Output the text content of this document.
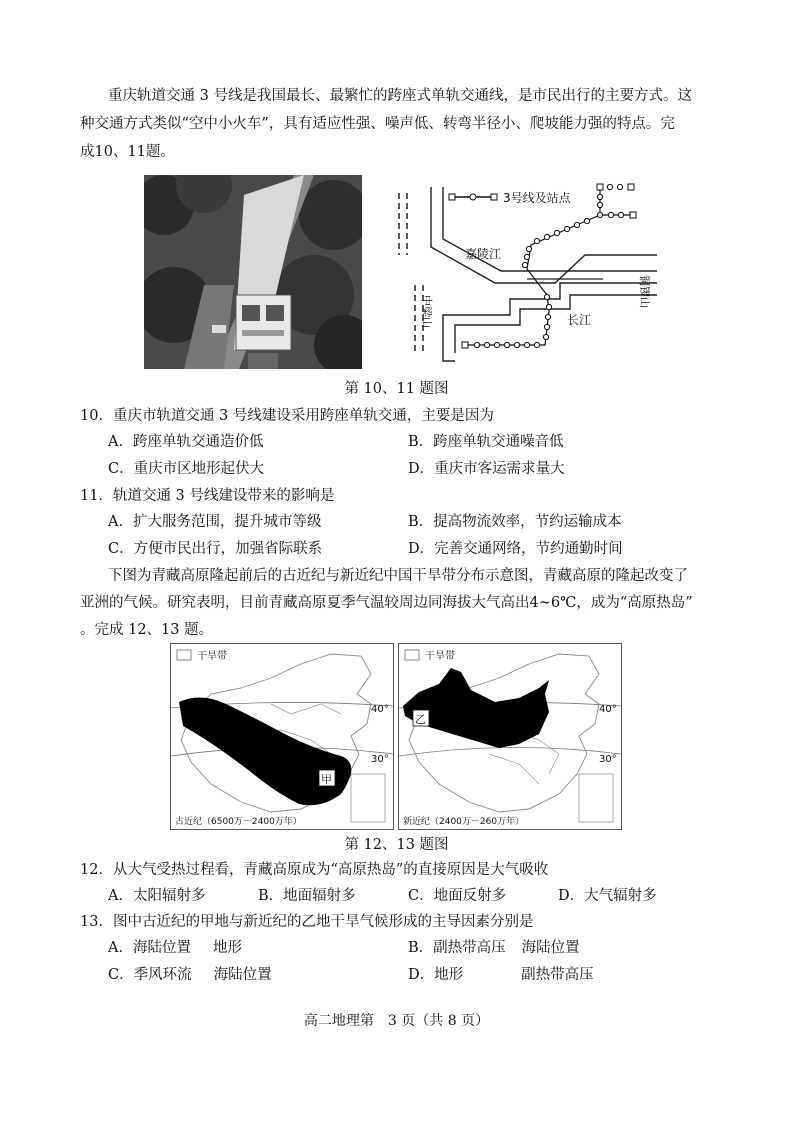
重庆轨道交通 3 号线是我国最长、最繁忙的跨座式单轨交通线，是市民出行的主要方式。这
种交通方式类似“空中小火车”，具有适应性强、噪声低、转弯半径小、爬坡能力强的特点。完
成10、11题。
3号线及站点
嘉陵江
长江
中梁山
铜锣山
第 10、11 题图
10．重庆市轨道交通 3 号线建设采用跨座单轨交通，主要是因为
A．跨座单轨交通造价低	B．跨座单轨交通噪音低
C．重庆市区地形起伏大	D．重庆市客运需求量大
11．轨道交通 3 号线建设带来的影响是
A．扩大服务范围，提升城市等级	B．提高物流效率，节约运输成本
C．方便市民出行，加强省际联系	D．完善交通网络，节约通勤时间
下图为青藏高原隆起前后的古近纪与新近纪中国干旱带分布示意图，青藏高原的隆起改变了
亚洲的气候。研究表明，目前青藏高原夏季气温较周边同海拔大气高出4~6℃，成为“高原热岛”
。完成 12、13 题。
干旱带
40°
30°
甲
古近纪（6500万－2400万年）
干旱带
40°
30°
乙
新近纪（2400万－260万年）
第 12、13 题图
12．从大气受热过程看，青藏高原成为“高原热岛”的直接原因是大气吸收
A．太阳辐射多	B．地面辐射多	C．地面反射多	D．大气辐射多
13．图中古近纪的甲地与新近纪的乙地干旱气候形成的主导因素分别是
A．海陆位置 地形	B．副热带高压 海陆位置
C．季风环流 海陆位置	D．地形	副热带高压
高二地理第　3 页（共 8 页）
